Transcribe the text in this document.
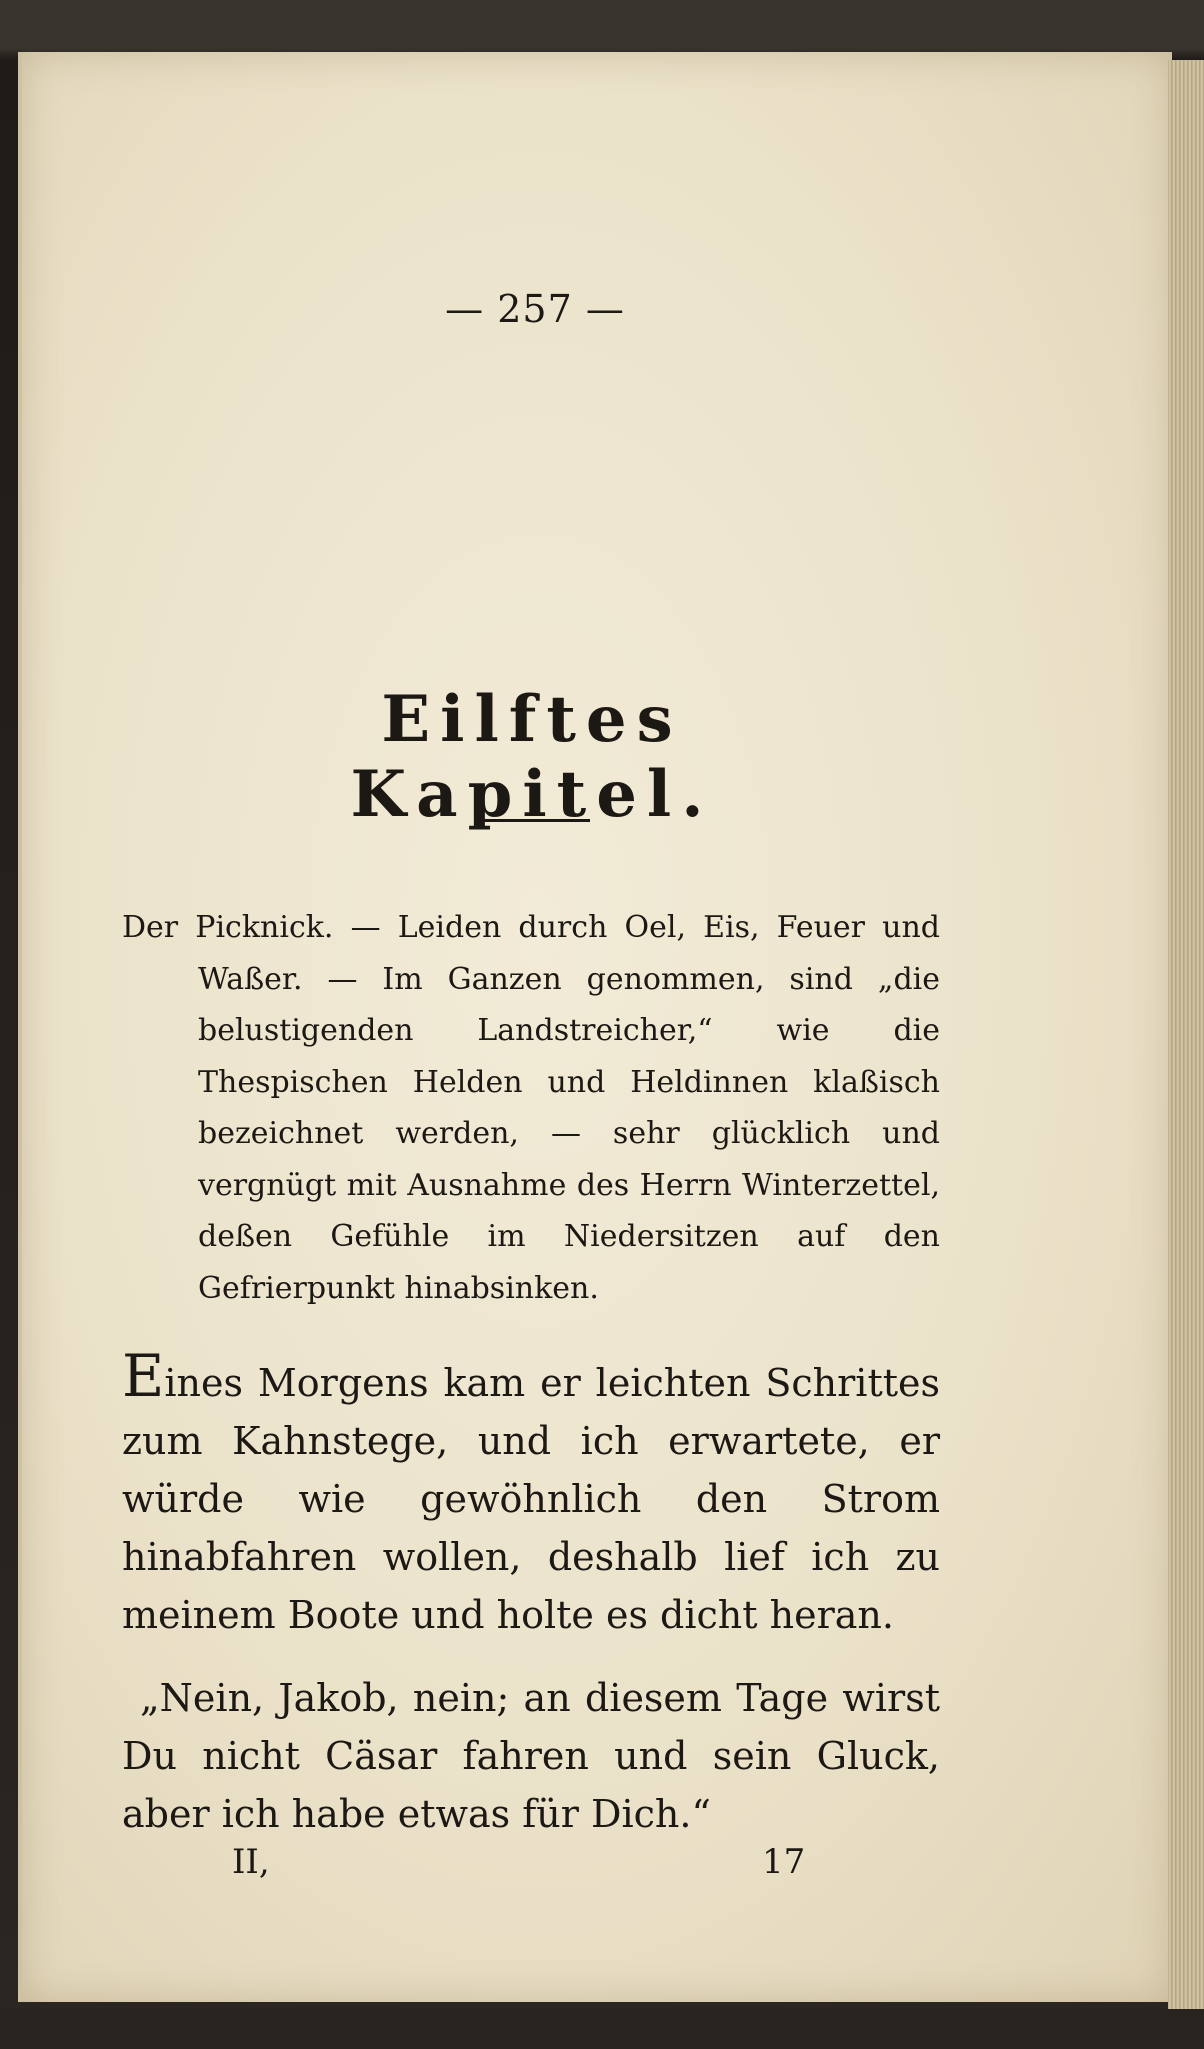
— 257 —
Eilftes Kapitel.
Der Picknick. — Leiden durch Oel, Eis, Feuer und Waßer. — Im Ganzen genommen, sind „die belustigenden Landstreicher,“ wie die Thespischen Helden und Heldinnen klaßisch bezeichnet werden, — sehr glücklich und vergnügt mit Ausnahme des Herrn Winterzettel, deßen Gefühle im Niedersitzen auf den Gefrierpunkt hinabsinken.
Eines Morgens kam er leichten Schrittes zum Kahnstege, und ich erwartete, er würde wie gewöhnlich den Strom hinabfahren wollen, deshalb lief ich zu meinem Boote und holte es dicht heran.
„Nein, Jakob, nein; an diesem Tage wirst Du nicht Cäsar fahren und sein Gluck, aber ich habe etwas für Dich.“
II,	17
